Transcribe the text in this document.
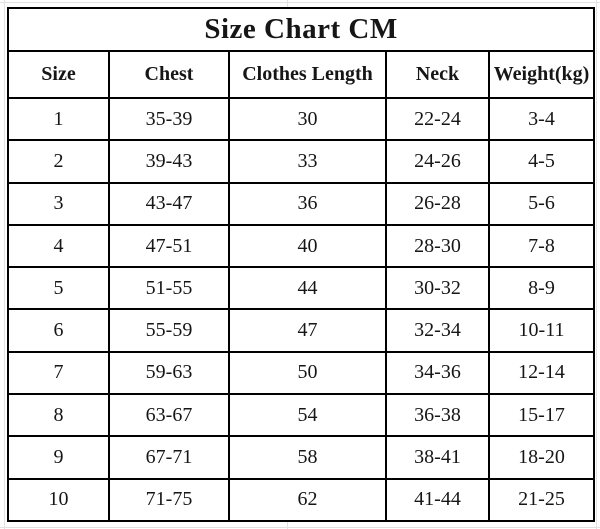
Size Chart CM				
Size	Chest	Clothes Length	Neck	Weight(kg)
1	35-39	30	22-24	3-4
2	39-43	33	24-26	4-5
3	43-47	36	26-28	5-6
4	47-51	40	28-30	7-8
5	51-55	44	30-32	8-9
6	55-59	47	32-34	10-11
7	59-63	50	34-36	12-14
8	63-67	54	36-38	15-17
9	67-71	58	38-41	18-20
10	71-75	62	41-44	21-25
